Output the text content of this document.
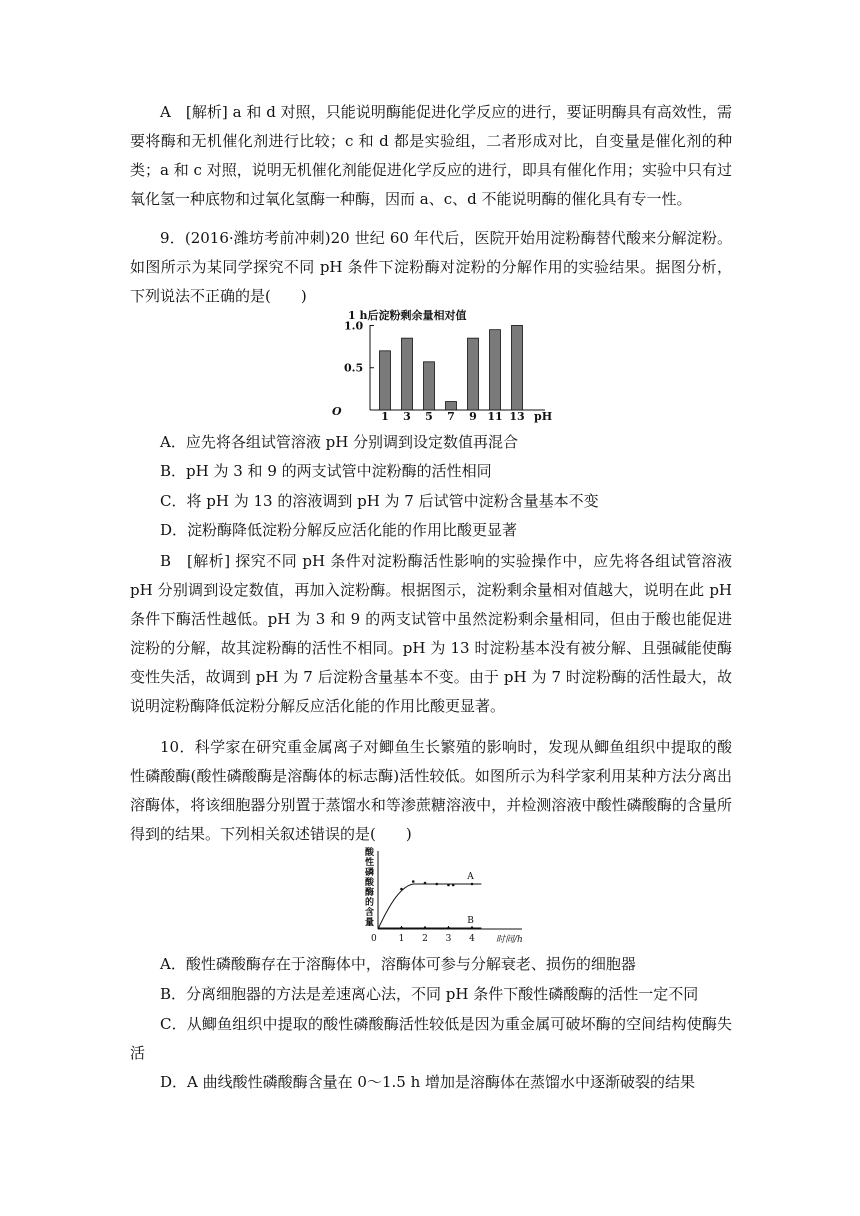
A　[解析] a 和 d 对照，只能说明酶能促进化学反应的进行，要证明酶具有高效性，需要将酶和无机催化剂进行比较；c 和 d 都是实验组，二者形成对比，自变量是催化剂的种类；a 和 c 对照，说明无机催化剂能促进化学反应的进行，即具有催化作用；实验中只有过氧化氢一种底物和过氧化氢酶一种酶，因而 a、c、d 不能说明酶的催化具有专一性。

9．(2016·潍坊考前冲刺)20 世纪 60 年代后，医院开始用淀粉酶替代酸来分解淀粉。如图所示为某同学探究不同 pH 条件下淀粉酶对淀粉的分解作用的实验结果。据图分析，下列说法不正确的是(　　)

1 h后淀粉剩余量相对值
O
1.0
0.5
1 3 5 7 9 11 13 pH

A．应先将各组试管溶液 pH 分别调到设定数值再混合

B．pH 为 3 和 9 的两支试管中淀粉酶的活性相同

C．将 pH 为 13 的溶液调到 pH 为 7 后试管中淀粉含量基本不变

D．淀粉酶降低淀粉分解反应活化能的作用比酸更显著

B　[解析] 探究不同 pH 条件对淀粉酶活性影响的实验操作中，应先将各组试管溶液 pH 分别调到设定数值，再加入淀粉酶。根据图示，淀粉剩余量相对值越大，说明在此 pH 条件下酶活性越低。pH 为 3 和 9 的两支试管中虽然淀粉剩余量相同，但由于酸也能促进淀粉的分解，故其淀粉酶的活性不相同。pH 为 13 时淀粉基本没有被分解、且强碱能使酶变性失活，故调到 pH 为 7 后淀粉含量基本不变。由于 pH 为 7 时淀粉酶的活性最大，故说明淀粉酶降低淀粉分解反应活化能的作用比酸更显著。

10．科学家在研究重金属离子对鲫鱼生长繁殖的影响时，发现从鲫鱼组织中提取的酸性磷酸酶(酸性磷酸酶是溶酶体的标志酶)活性较低。如图所示为科学家利用某种方法分离出溶酶体，将该细胞器分别置于蒸馏水和等渗蔗糖溶液中，并检测溶液中酸性磷酸酶的含量所得到的结果。下列相关叙述错误的是(　　)

酸
性
磷
酸
酶
的
含
量
0 1 2 3 4
A
B
时间/h

A．酸性磷酸酶存在于溶酶体中，溶酶体可参与分解衰老、损伤的细胞器

B．分离细胞器的方法是差速离心法，不同 pH 条件下酸性磷酸酶的活性一定不同

C．从鲫鱼组织中提取的酸性磷酸酶活性较低是因为重金属可破坏酶的空间结构使酶失活

D．A 曲线酸性磷酸酶含量在 0～1.5 h 增加是溶酶体在蒸馏水中逐渐破裂的结果
